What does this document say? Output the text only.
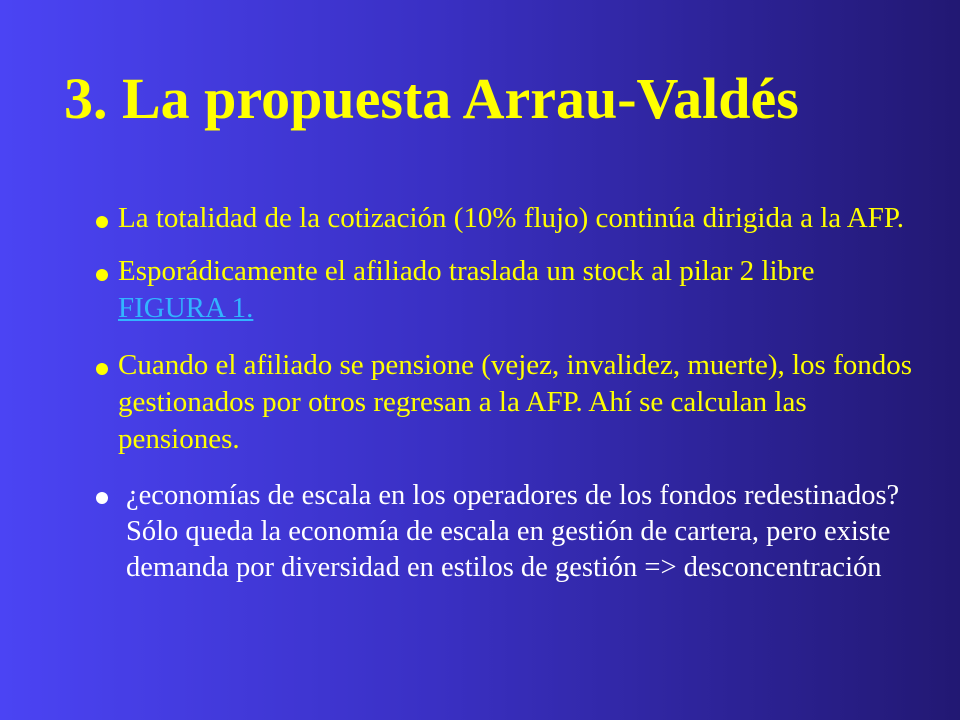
3. La propuesta Arrau-Valdés
La totalidad de la cotización (10% flujo) continúa dirigida a la AFP.
Esporádicamente el afiliado traslada un stock al pilar 2 libre FIGURA 1.
Cuando el afiliado se pensione (vejez, invalidez, muerte), los fondos gestionados por otros regresan a la AFP. Ahí se calculan las pensiones.
¿economías de escala en los operadores de los fondos redestinados? Sólo queda la economía de escala en gestión de cartera, pero existe demanda por diversidad en estilos de gestión => desconcentración
